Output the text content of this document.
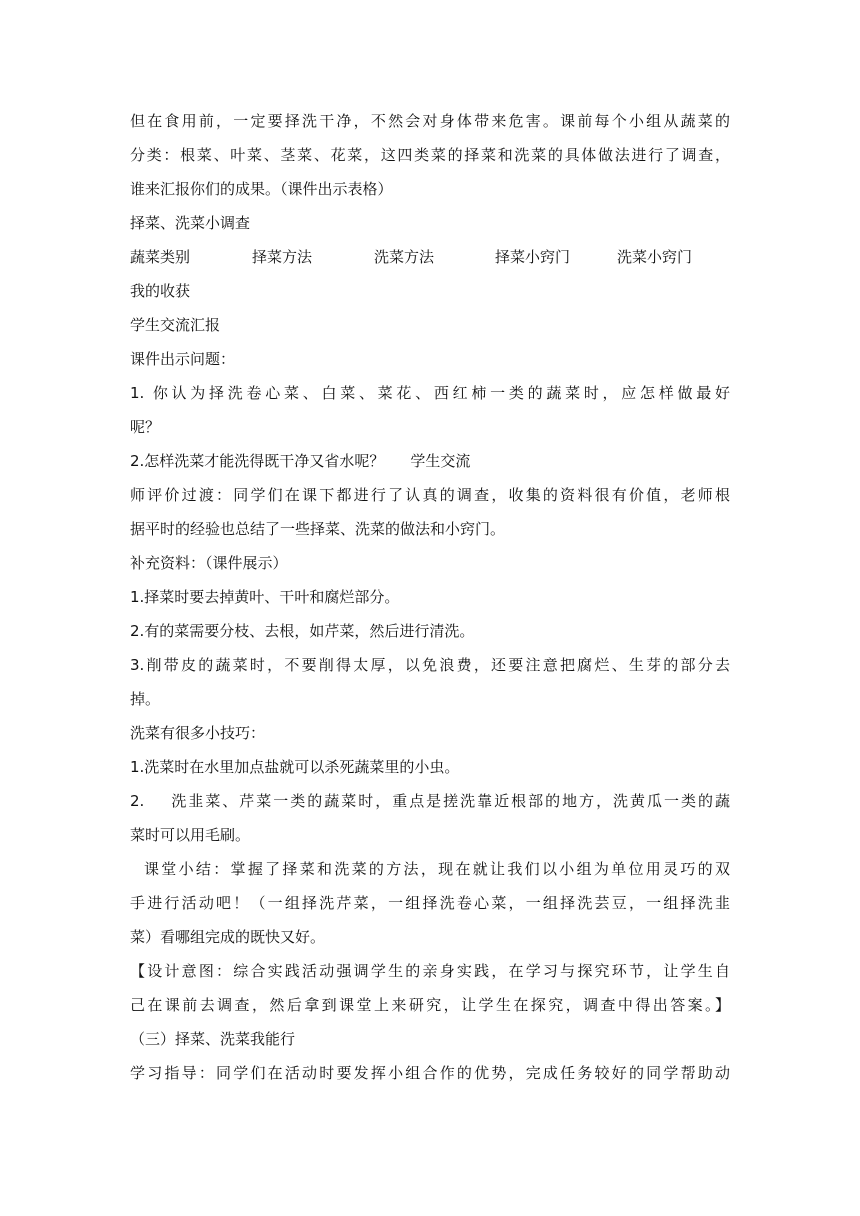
但在食用前，一定要择洗干净，不然会对身体带来危害。课前每个小组从蔬菜的
分类：根菜、叶菜、茎菜、花菜，这四类菜的择菜和洗菜的具体做法进行了调查，
谁来汇报你们的成果。（课件出示表格）
择菜、洗菜小调查
蔬菜类别	择菜方法	洗菜方法	择菜小窍门	洗菜小窍门
我的收获
学生交流汇报
课件出示问题：
1. 你认为择洗卷心菜、白菜、菜花、西红柿一类的蔬菜时，应怎样做最好
呢？
2.怎样洗菜才能洗得既干净又省水呢？ 学生交流
师评价过渡：同学们在课下都进行了认真的调查，收集的资料很有价值，老师根
据平时的经验也总结了一些择菜、洗菜的做法和小窍门。
补充资料：（课件展示）
1.择菜时要去掉黄叶、干叶和腐烂部分。
2.有的菜需要分枝、去根，如芹菜，然后进行清洗。
3.削带皮的蔬菜时，不要削得太厚，以免浪费，还要注意把腐烂、生芽的部分去
掉。
洗菜有很多小技巧：
1.洗菜时在水里加点盐就可以杀死蔬菜里的小虫。
2.    洗韭菜、芹菜一类的蔬菜时，重点是搓洗靠近根部的地方，洗黄瓜一类的蔬
菜时可以用毛刷。
课堂小结：掌握了择菜和洗菜的方法，现在就让我们以小组为单位用灵巧的双
手进行活动吧！（一组择洗芹菜，一组择洗卷心菜，一组择洗芸豆，一组择洗韭
菜）看哪组完成的既快又好。
【设计意图：综合实践活动强调学生的亲身实践，在学习与探究环节，让学生自
己在课前去调查，然后拿到课堂上来研究，让学生在探究，调查中得出答案。】
（三）择菜、洗菜我能行
学习指导：同学们在活动时要发挥小组合作的优势，完成任务较好的同学帮助动
